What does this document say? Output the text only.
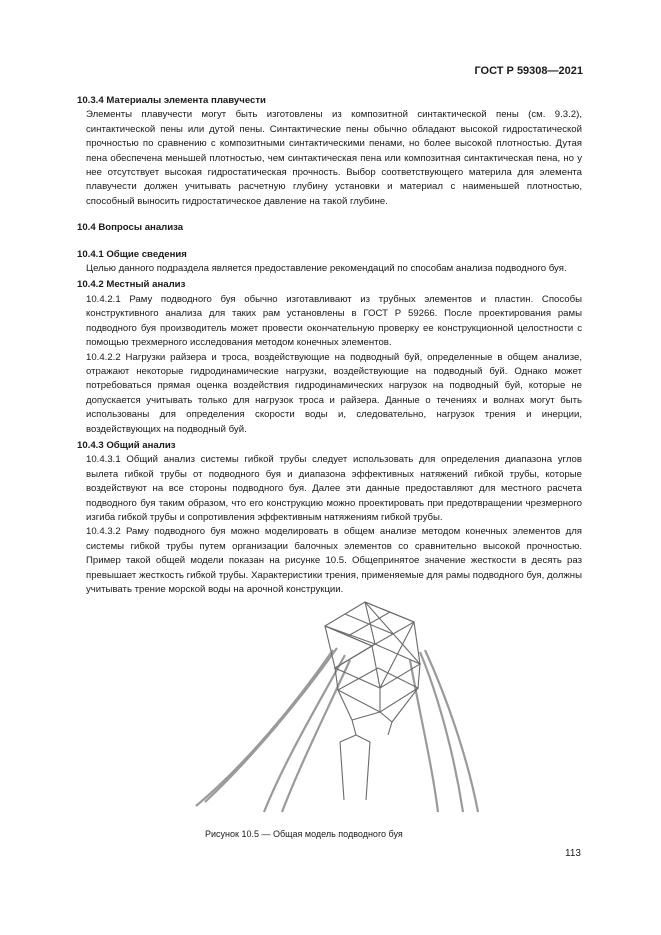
ГОСТ Р 59308—2021

10.3.4 Материалы элемента плавучести

Элементы плавучести могут быть изготовлены из композитной синтактической пены (см. 9.3.2), синтактической пены или дутой пены. Синтактические пены обычно обладают высокой гидростатической прочностью по сравнению с композитными синтактическими пенами, но более высокой плотностью. Дутая пена обеспечена меньшей плотностью, чем синтактическая пена или композитная синтактическая пена, но у нее отсутствует высокая гидростатическая прочность. Выбор соответствующего материла для элемента плавучести должен учитывать расчетную глубину установки и материал с наименьшей плотностью, способный выносить гидростатическое давление на такой глубине.

10.4 Вопросы анализа

10.4.1 Общие сведения

Целью данного подраздела является предоставление рекомендаций по способам анализа подводного буя.

10.4.2 Местный анализ

10.4.2.1 Раму подводного буя обычно изготавливают из трубных элементов и пластин. Способы конструктивного анализа для таких рам установлены в ГОСТ Р 59266. После проектирования рамы подводного буя производитель может провести окончательную проверку ее конструкционной целостности с помощью трехмерного исследования методом конечных элементов.

10.4.2.2 Нагрузки райзера и троса, воздействующие на подводный буй, определенные в общем анализе, отражают некоторые гидродинамические нагрузки, воздействующие на подводный буй. Однако может потребоваться прямая оценка воздействия гидродинамических нагрузок на подводный буй, которые не допускается учитывать только для нагрузок троса и райзера. Данные о течениях и волнах могут быть использованы для определения скорости воды и, следовательно, нагрузок трения и инерции, воздействующих на подводный буй.

10.4.3 Общий анализ

10.4.3.1 Общий анализ системы гибкой трубы следует использовать для определения диапазона углов вылета гибкой трубы от подводного буя и диапазона эффективных натяжений гибкой трубы, которые воздействуют на все стороны подводного буя. Далее эти данные предоставляют для местного расчета подводного буя таким образом, что его конструкцию можно проектировать при предотвращении чрезмерного изгиба гибкой трубы и сопротивления эффективным натяжениям гибкой трубы.

10.4.3.2 Раму подводного буя можно моделировать в общем анализе методом конечных элементов для системы гибкой трубы путем организации балочных элементов со сравнительно высокой прочностью. Пример такой общей модели показан на рисунке 10.5. Общепринятое значение жесткости в десять раз превышает жесткость гибкой трубы. Характеристики трения, применяемые для рамы подводного буя, должны учитывать трение морской воды на арочной конструкции.

Рисунок 10.5 — Общая модель подводного буя
113
